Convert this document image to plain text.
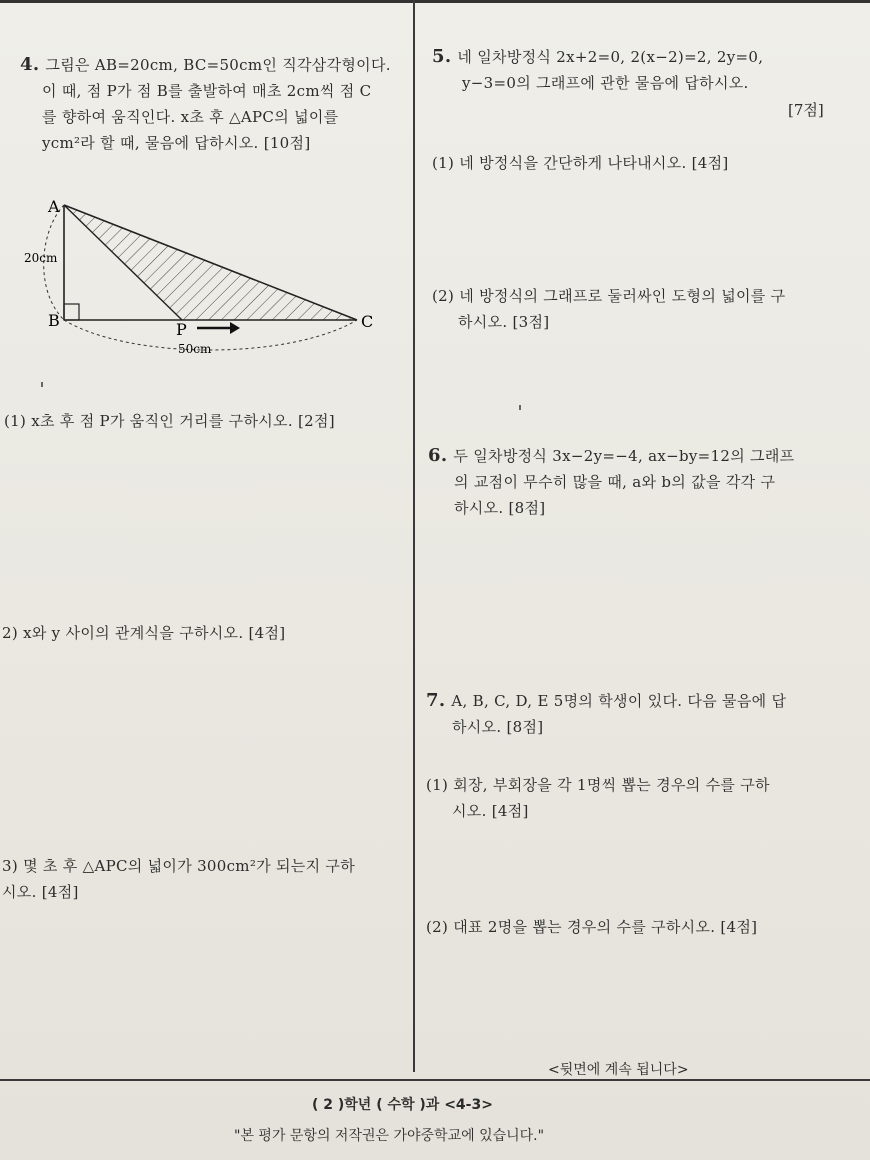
4. 그림은 AB=20cm, BC=50cm인 직각삼각형이다.
이 때, 점 P가 점 B를 출발하여 매초 2cm씩 점 C
를 향하여 움직인다. x초 후 △APC의 넓이를
ycm²라 할 때, 물음에 답하시오. [10점]
A
B	C
P
20cm
50cm
(1) x초 후 점 P가 움직인 거리를 구하시오. [2점]
2) x와 y 사이의 관계식을 구하시오. [4점]
3) 몇 초 후 △APC의 넓이가 300cm²가 되는지 구하
시오. [4점]
5. 네 일차방정식 2x+2=0, 2(x−2)=2, 2y=0,
y−3=0의 그래프에 관한 물음에 답하시오.
[7점]
(1) 네 방정식을 간단하게 나타내시오. [4점]
(2) 네 방정식의 그래프로 둘러싸인 도형의 넓이를 구
하시오. [3점]
6. 두 일차방정식 3x−2y=−4, ax−by=12의 그래프
의 교점이 무수히 많을 때, a와 b의 값을 각각 구
하시오. [8점]
7. A, B, C, D, E 5명의 학생이 있다. 다음 물음에 답
하시오. [8점]
(1) 회장, 부회장을 각 1명씩 뽑는 경우의 수를 구하
시오. [4점]
(2) 대표 2명을 뽑는 경우의 수를 구하시오. [4점]
<뒷면에 계속 됩니다>
( 2 )학년 ( 수학 )과 <4-3>
"본 평가 문항의 저작권은 가야중학교에 있습니다."
